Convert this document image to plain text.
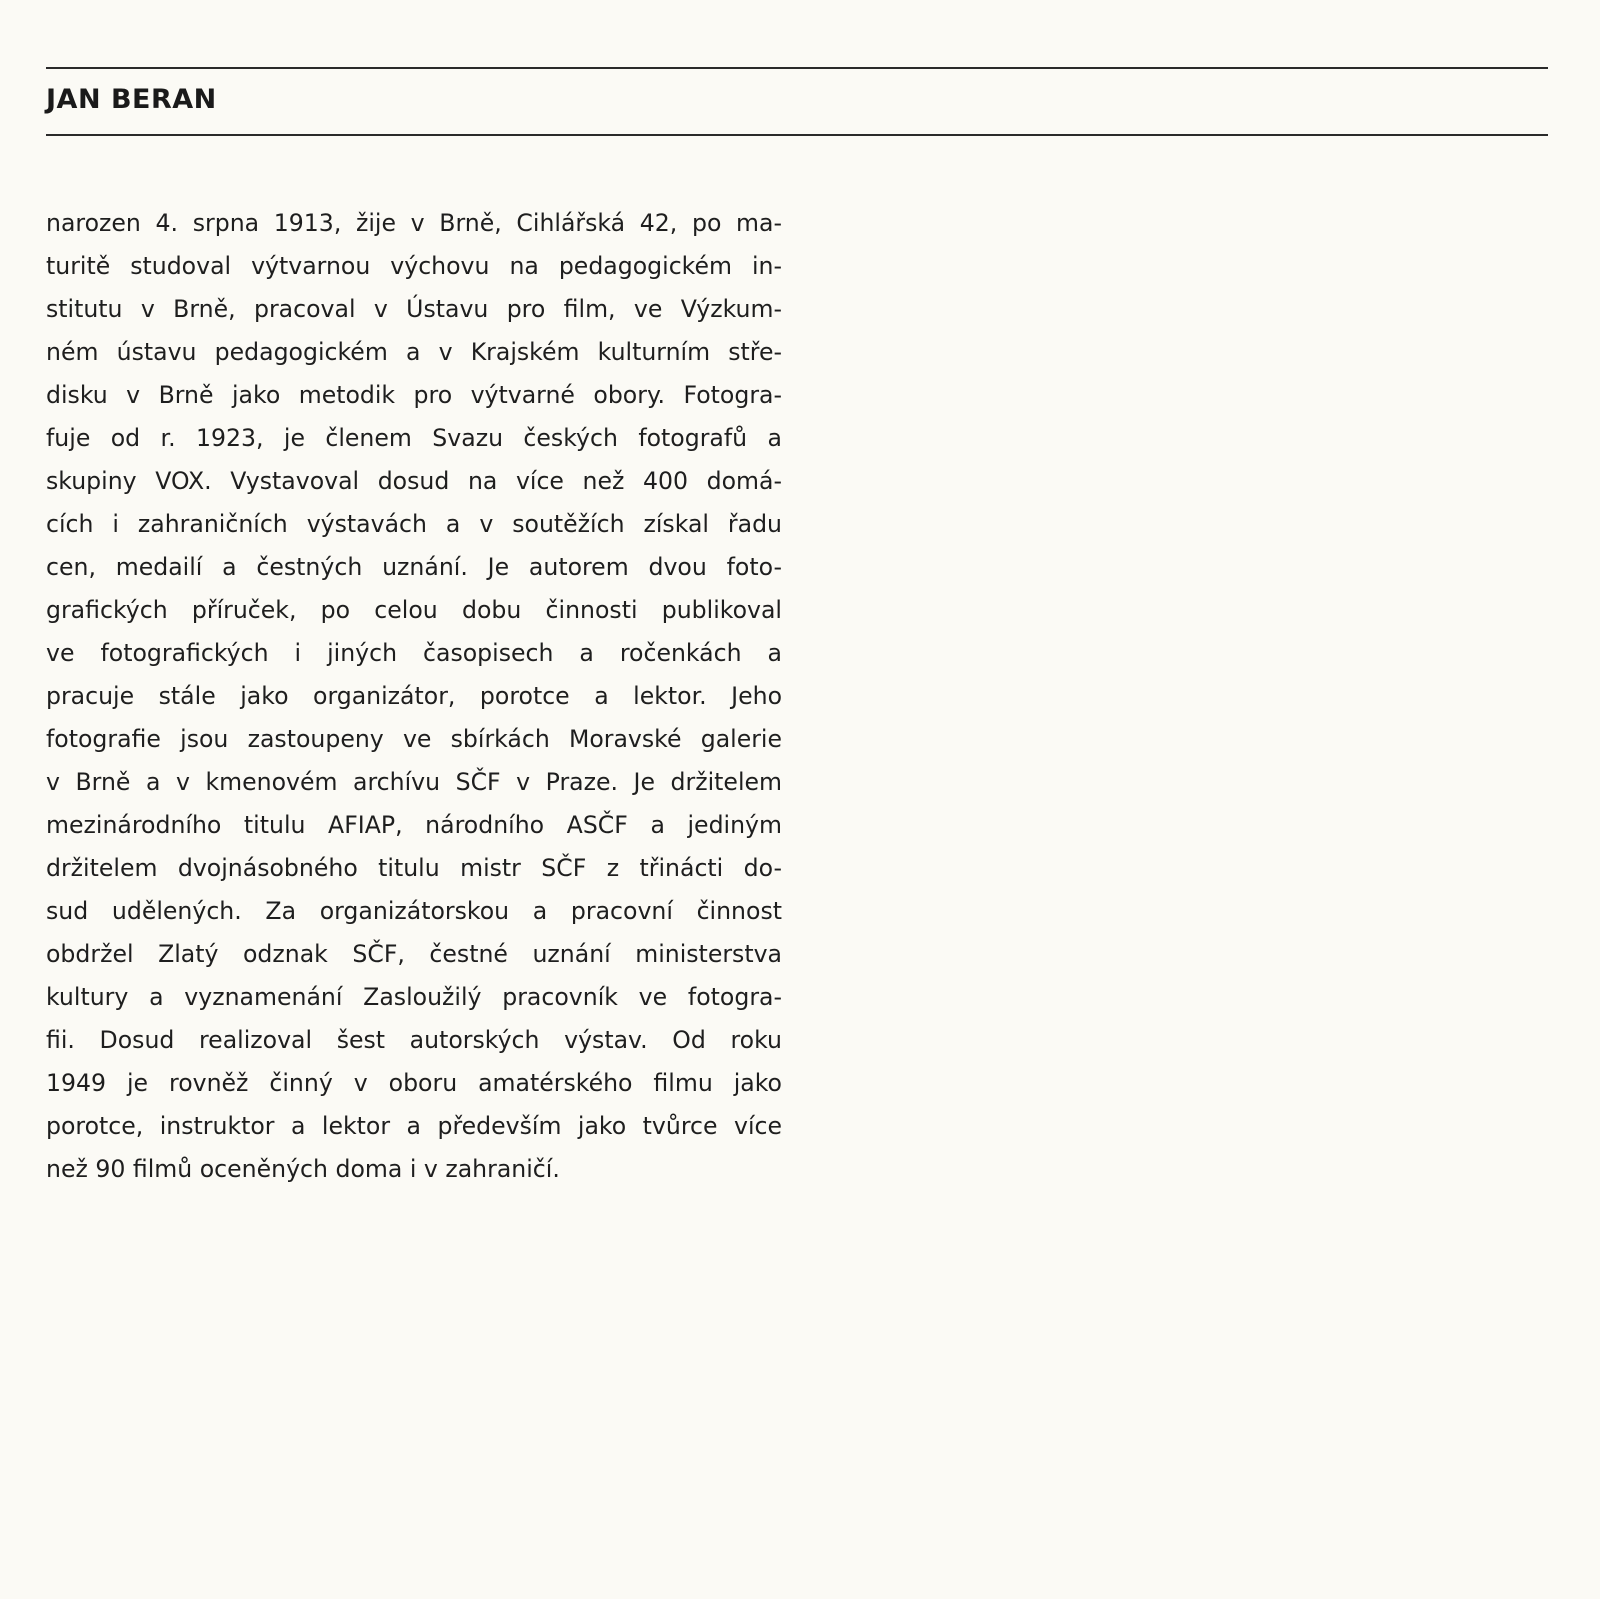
JAN BERAN
narozen 4. srpna 1913, žije v Brně, Cihlářská 42, po ma-
turitě studoval výtvarnou výchovu na pedagogickém in-
stitutu v Brně, pracoval v Ústavu pro film, ve Výzkum-
ném ústavu pedagogickém a v Krajském kulturním stře-
disku v Brně jako metodik pro výtvarné obory. Fotogra-
fuje od r. 1923, je členem Svazu českých fotografů a
skupiny VOX. Vystavoval dosud na více než 400 domá-
cích i zahraničních výstavách a v soutěžích získal řadu
cen, medailí a čestných uznání. Je autorem dvou foto-
grafických příruček, po celou dobu činnosti publikoval
ve fotografických i jiných časopisech a ročenkách a
pracuje stále jako organizátor, porotce a lektor. Jeho
fotografie jsou zastoupeny ve sbírkách Moravské galerie
v Brně a v kmenovém archívu SČF v Praze. Je držitelem
mezinárodního titulu AFIAP, národního ASČF a jediným
držitelem dvojnásobného titulu mistr SČF z třinácti do-
sud udělených. Za organizátorskou a pracovní činnost
obdržel Zlatý odznak SČF, čestné uznání ministerstva
kultury a vyznamenání Zasloužilý pracovník ve fotogra-
fii. Dosud realizoval šest autorských výstav. Od roku
1949 je rovněž činný v oboru amatérského filmu jako
porotce, instruktor a lektor a především jako tvůrce více
než 90 filmů oceněných doma i v zahraničí.
